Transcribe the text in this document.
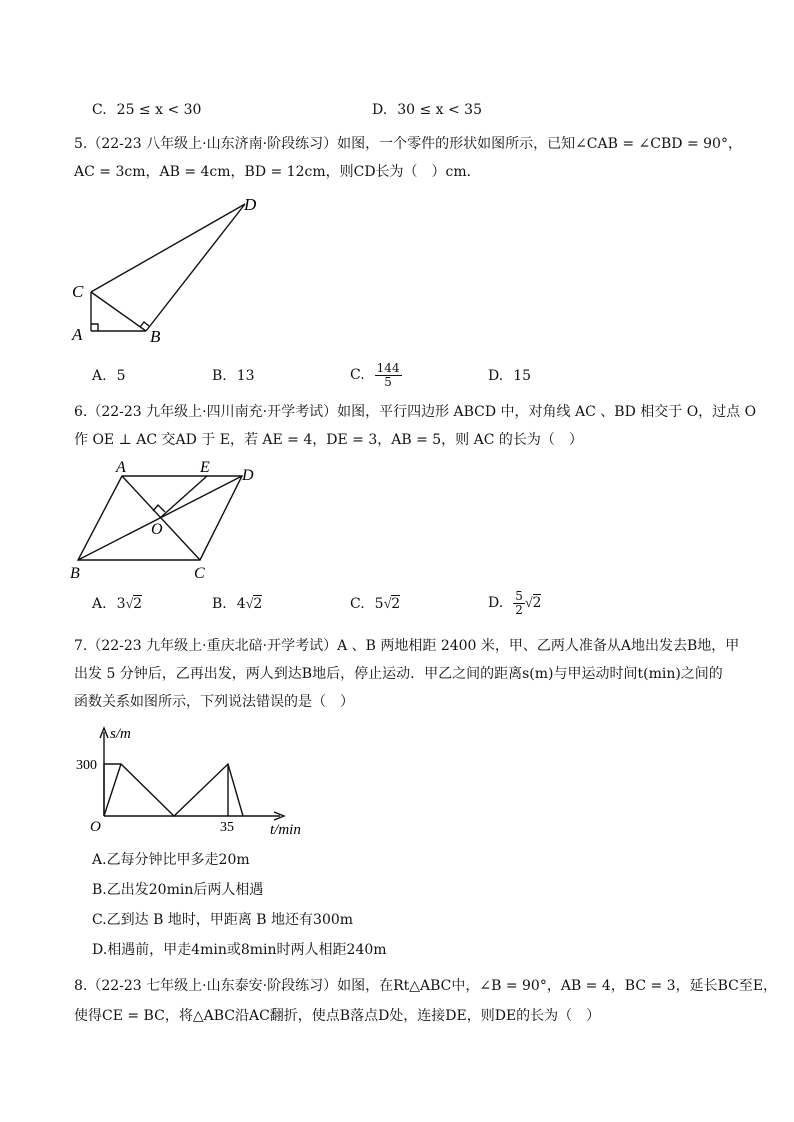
C. 25 ≤ x < 30	D. 30 ≤ x < 35
5.（22-23 八年级上·山东济南·阶段练习）如图，一个零件的形状如图所示，已知∠CAB = ∠CBD = 90°，
AC = 3cm，AB = 4cm，BD = 12cm，则CD长为（　）cm．
C
A	B
D
A. 5	B. 13	C. $\frac{144}{5}$	D. 15
6.（22-23 九年级上·四川南充·开学考试）如图，平行四边形 ABCD 中，对角线 AC 、BD 相交于 O，过点 O
作 OE ⊥ AC 交AD 于 E，若 AE = 4，DE = 3，AB = 5，则 AC 的长为（　）
A	E D
O
B	C
A. 3√2	B. 4√2	C. 5√2	D. $\frac{5}{2} √2$
7.（22-23 九年级上·重庆北碚·开学考试）A 、B 两地相距 2400 米，甲、乙两人准备从A地出发去B地，甲
出发 5 分钟后，乙再出发，两人到达B地后，停止运动．甲乙之间的距离s(m)与甲运动时间t(min)之间的
函数关系如图所示，下列说法错误的是（　）
s/m
300
O	35 t/min
A.乙每分钟比甲多走20m
B.乙出发20min后两人相遇
C.乙到达 B 地时，甲距离 B 地还有300m
D.相遇前，甲走4min或8min时两人相距240m
8.（22-23 七年级上·山东泰安·阶段练习）如图，在Rt△ABC中，∠B = 90°，AB = 4，BC = 3，延长BC至E，
使得CE = BC，将△ABC沿AC翻折，使点B落点D处，连接DE，则DE的长为（　）
